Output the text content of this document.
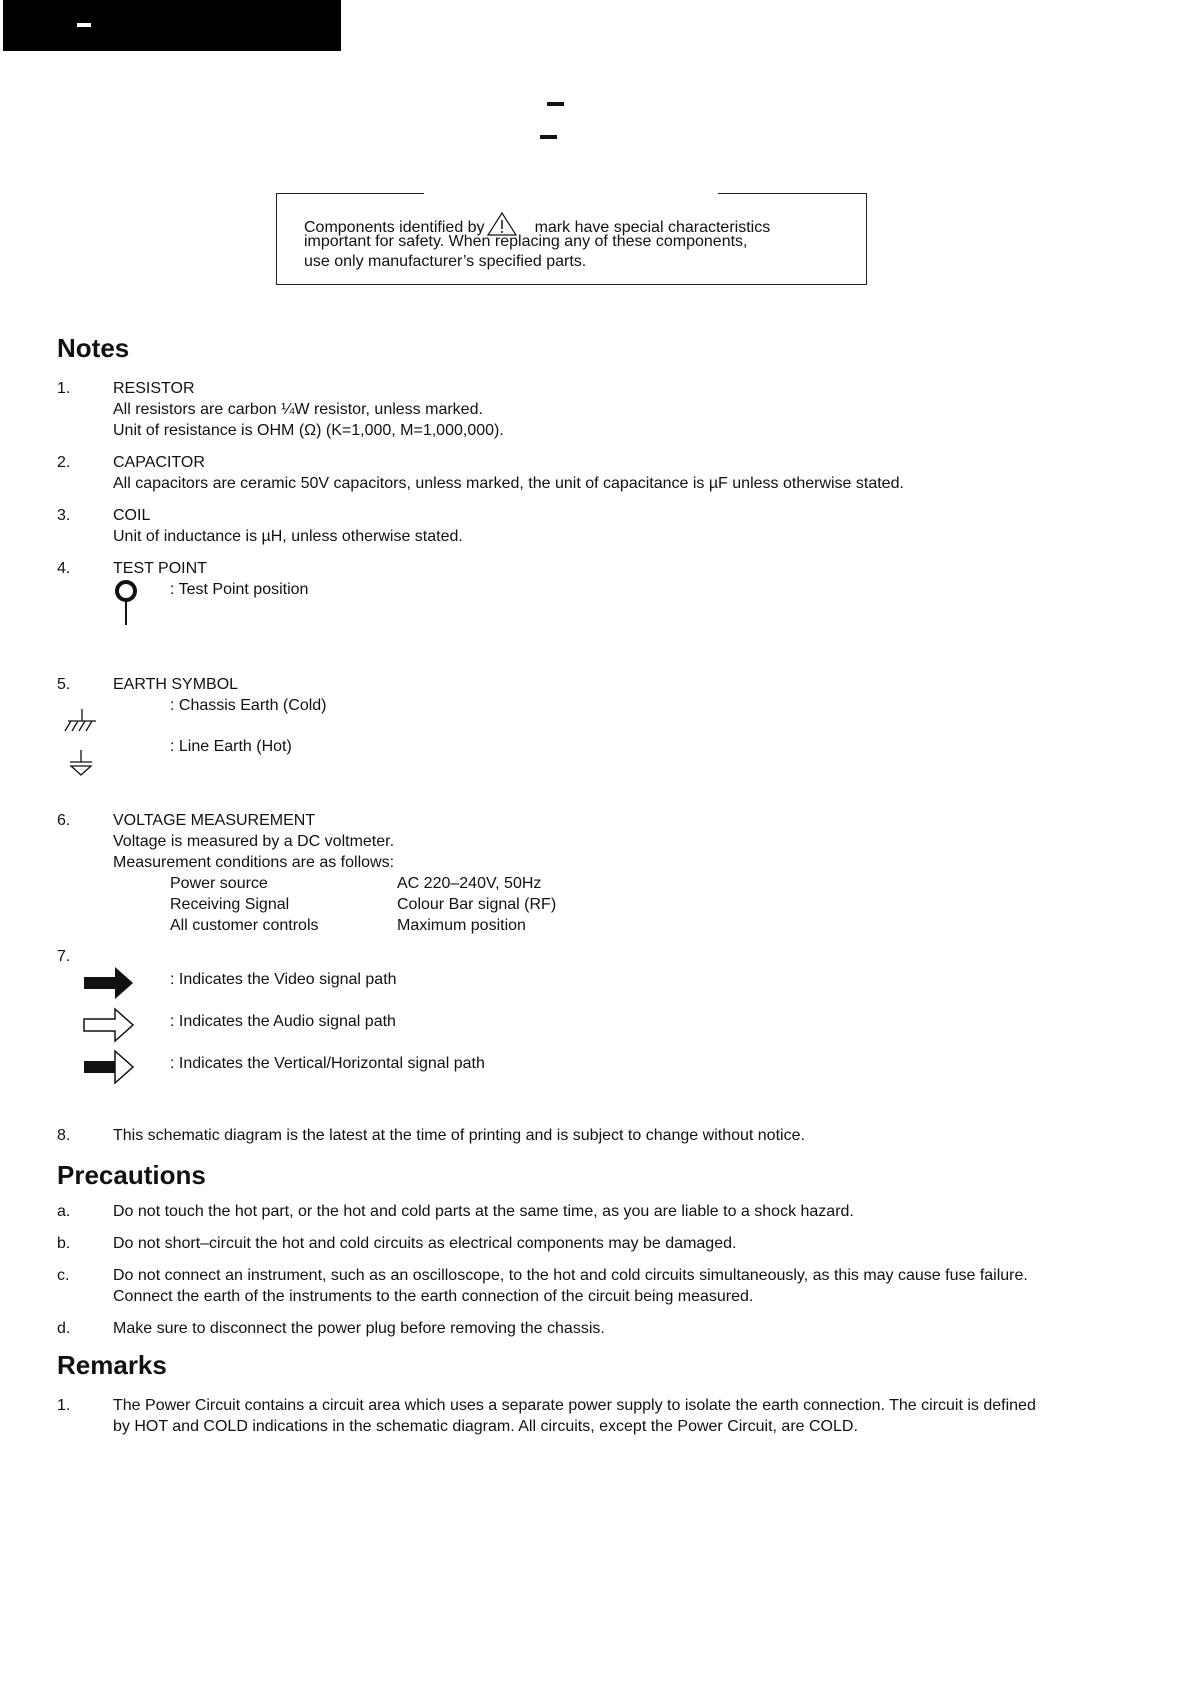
Components identified by	mark have special characteristics
important for safety. When replacing any of these components,
use only manufacturer’s specified parts.
Notes
1.	RESISTOR
All resistors are carbon ¼W resistor, unless marked.
Unit of resistance is OHM (Ω) (K=1,000, M=1,000,000).
2.	CAPACITOR
All capacitors are ceramic 50V capacitors, unless marked, the unit of capacitance is µF unless otherwise stated.
3.	COIL
Unit of inductance is µH, unless otherwise stated.
4.	TEST POINT
: Test Point position
5.	EARTH SYMBOL
: Chassis Earth (Cold)
: Line Earth (Hot)
6.	VOLTAGE MEASUREMENT
Voltage is measured by a DC voltmeter.
Measurement conditions are as follows:
Power source	AC 220–240V, 50Hz
Receiving Signal	Colour Bar signal (RF)
All customer controls	Maximum position
7.
: Indicates the Video signal path
: Indicates the Audio signal path
: Indicates the Vertical/Horizontal signal path
8.	This schematic diagram is the latest at the time of printing and is subject to change without notice.
Precautions
a.	Do not touch the hot part, or the hot and cold parts at the same time, as you are liable to a shock hazard.
b.	Do not short–circuit the hot and cold circuits as electrical components may be damaged.
c.	Do not connect an instrument, such as an oscilloscope, to the hot and cold circuits simultaneously, as this may cause fuse failure.
Connect the earth of the instruments to the earth connection of the circuit being measured.
d.	Make sure to disconnect the power plug before removing the chassis.
Remarks
1.	The Power Circuit contains a circuit area which uses a separate power supply to isolate the earth connection. The circuit is defined
by HOT and COLD indications in the schematic diagram. All circuits, except the Power Circuit, are COLD.
